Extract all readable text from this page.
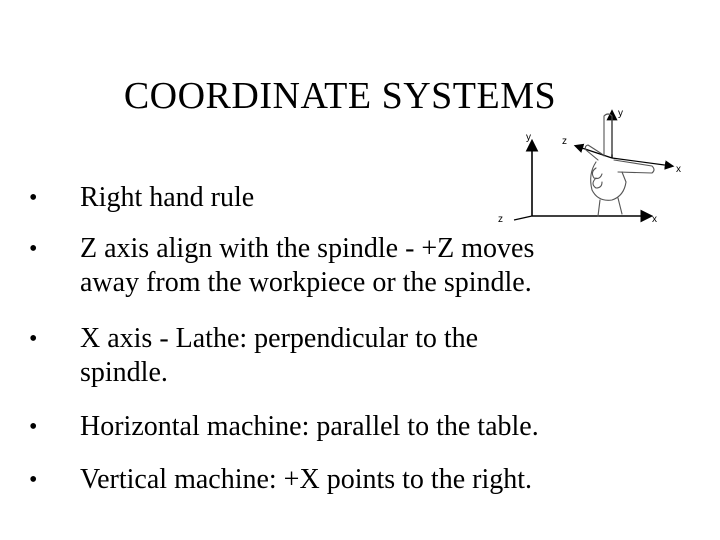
COORDINATE SYSTEMS
y
x
z
y
x
z
• Right hand rule
• Z axis align with the spindle - +Z moves
away from the workpiece or the spindle.
• X axis - Lathe: perpendicular to the
spindle.
• Horizontal machine: parallel to the table.
• Vertical machine: +X points to the right.
